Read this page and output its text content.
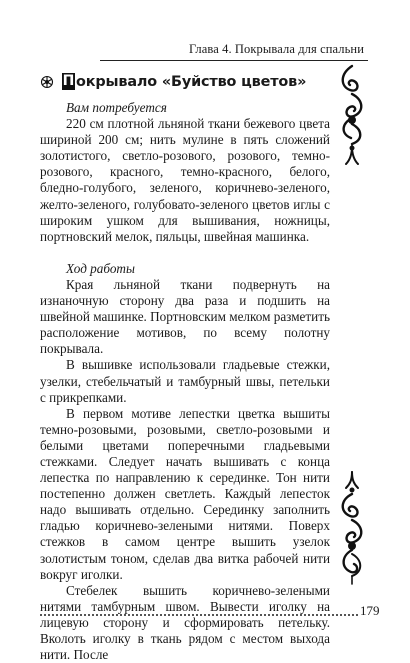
Глава 4. Покрывала для спальни
П окрывало «Буйство цветов»

Вам потребуется

220 см плотной льняной ткани бежевого цвета шириной 200 см; нить мулине в пять сложений золотистого, светло-розового, розового, темно-розового, красного, темно-красного, белого, бледно-голубого, зеленого, коричнево-зеленого, желто-зеленого, голубовато-зеленого цветов иглы с широким ушком для вышивания, ножницы, портновский мелок, пяльцы, швейная машинка.

Ход работы

Края льняной ткани подвернуть на изнаночную сторону два раза и подшить на швейной машинке. Портновским мелком разметить расположение мотивов, по всему полотну покрывала.

В вышивке использовали гладьевые стежки, узелки, стебельчатый и тамбурный швы, петельки с прикрепками.

В первом мотиве лепестки цветка вышиты темно-розовыми, розовыми, светло-розовыми и белыми цветами поперечными гладьевыми стежками. Следует начать вышивать с конца лепестка по направлению к серединке. Тон нити постепенно должен светлеть. Каждый лепесток надо вышивать отдельно. Серединку заполнить гладью коричнево-зелеными нитями. Поверх стежков в самом центре вышить узелок золотистым тоном, сделав два витка рабочей нити вокруг иголки.

Стебелек вышить коричнево-зелеными нитями тамбурным швом. Вывести иголку на лицевую сторону и сформировать петельку. Вколоть иголку в ткань рядом с местом выхода нити. После

179
